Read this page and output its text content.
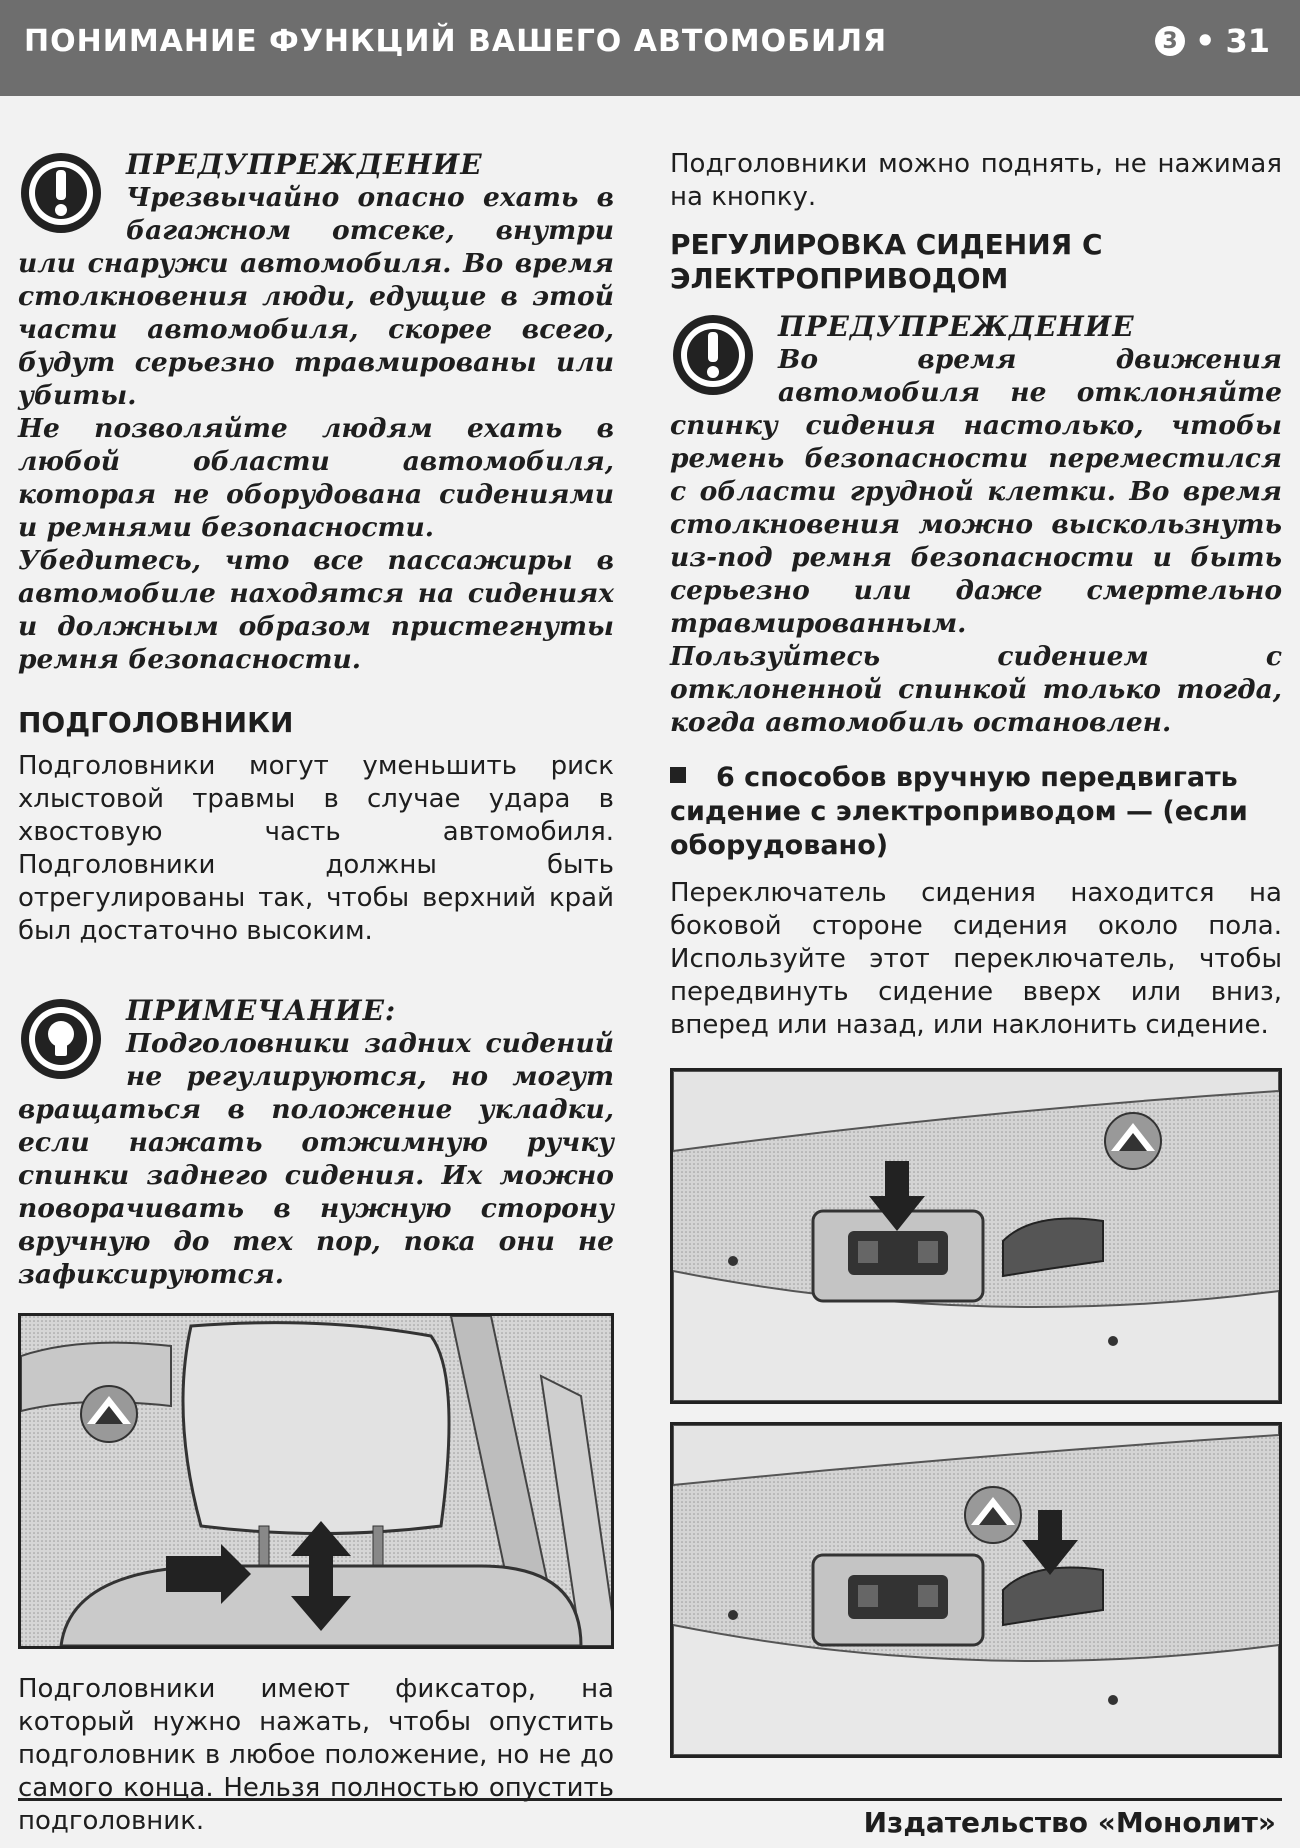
ПОНИМАНИЕ ФУНКЦИЙ ВАШЕГО АВТОМОБИЛЯ	3 • 31
ПРЕДУПРЕЖДЕНИЕ

Чрезвычайно опасно ехать в багажном отсеке, внутри или снаружи автомобиля. Во время столкновения люди, едущие в этой части автомобиля, скорее всего, будут серьезно травмированы или убиты.

Не позволяйте людям ехать в любой области автомобиля, которая не оборудована сидениями и ремнями безопасности.

Убедитесь, что все пассажиры в автомобиле находятся на сидениях и должным образом пристегнуты ремня безопасности.

ПОДГОЛОВНИКИ

Подголовники могут уменьшить риск хлыстовой травмы в случае удара в хвостовую часть автомобиля. Подголовники должны быть отрегулированы так, чтобы верхний край был достаточно высоким.

ПРИМЕЧАНИЕ:

Подголовники задних сидений не регулируются, но могут вращаться в положение укладки, если нажать отжимную ручку спинки заднего сидения. Их можно поворачивать в нужную сторону вручную до тех пор, пока они не зафиксируются.

Подголовники имеют фиксатор, на который нужно нажать, чтобы опустить подголовник в любое положение, но не до самого конца. Нельзя полностью опустить подголовник.

Подголовники можно поднять, не нажимая на кнопку.

РЕГУЛИРОВКА СИДЕНИЯ С ЭЛЕКТРОПРИВОДОМ
ПРЕДУПРЕЖДЕНИЕ

Во время движения автомобиля не отклоняйте спинку сидения настолько, чтобы ремень безопасности переместился с области грудной клетки. Во время столкновения можно выскользнуть из-под ремня безопасности и быть серьезно или даже смертельно травмированным.

Пользуйтесь сидением с отклоненной спинкой только тогда, когда автомобиль остановлен.

6 способов вручную передвигать сидение с электроприводом — (если оборудовано)

Переключатель сидения находится на боковой стороне сидения около пола. Используйте этот переключатель, чтобы передвинуть сидение вверх или вниз, вперед или назад, или наклонить сидение.

Издательство «Монолит»
